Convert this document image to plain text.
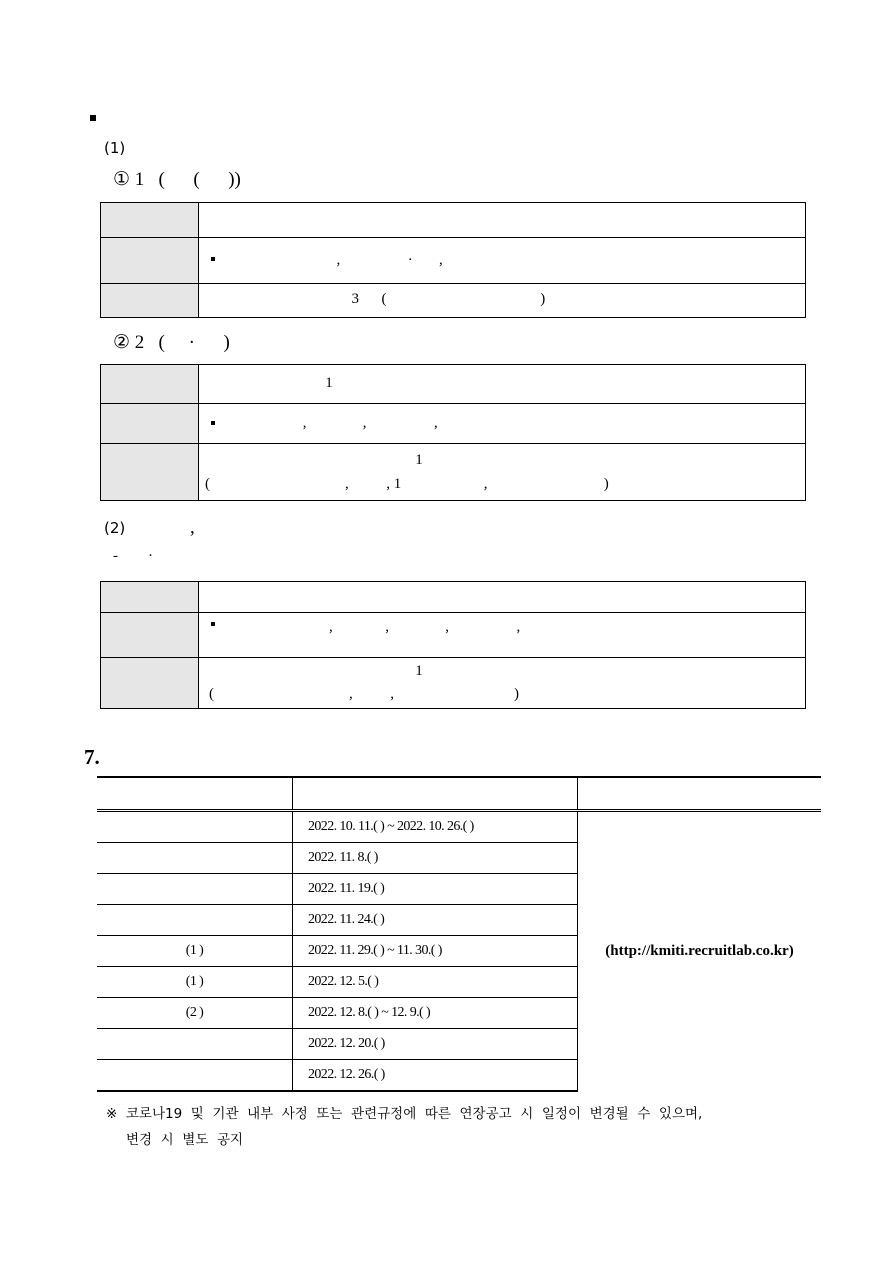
(1)
① 1   (      (      ))

	,                  ·       ,

	3      (                                         )
② 2   (     ·      )

	1

	,               ,                  ,

	1
(                                    ,          , 1                      ,                               )
(2)	,
-        ·

	,              ,               ,                  ,

	1
(                                    ,          ,                                )
7.

	2022. 10. 11.( ) ~ 2022. 10. 26.( )	(http://kmiti.recruitlab.co.kr)
	2022. 11. 8.( )	
	2022. 11. 19.( )	
	2022. 11. 24.( )	
(1 )	2022. 11. 29.( ) ~ 11. 30.( )	
(1 )	2022. 12. 5.( )	
(2 )	2022. 12. 8.( ) ~ 12. 9.( )	
	2022. 12. 20.( )	
	2022. 12. 26.( )	
※  코로나19  및  기관  내부  사정  또는  관련규정에  따른  연장공고  시  일정이  변경될  수  있으며,
변경  시  별도  공지
